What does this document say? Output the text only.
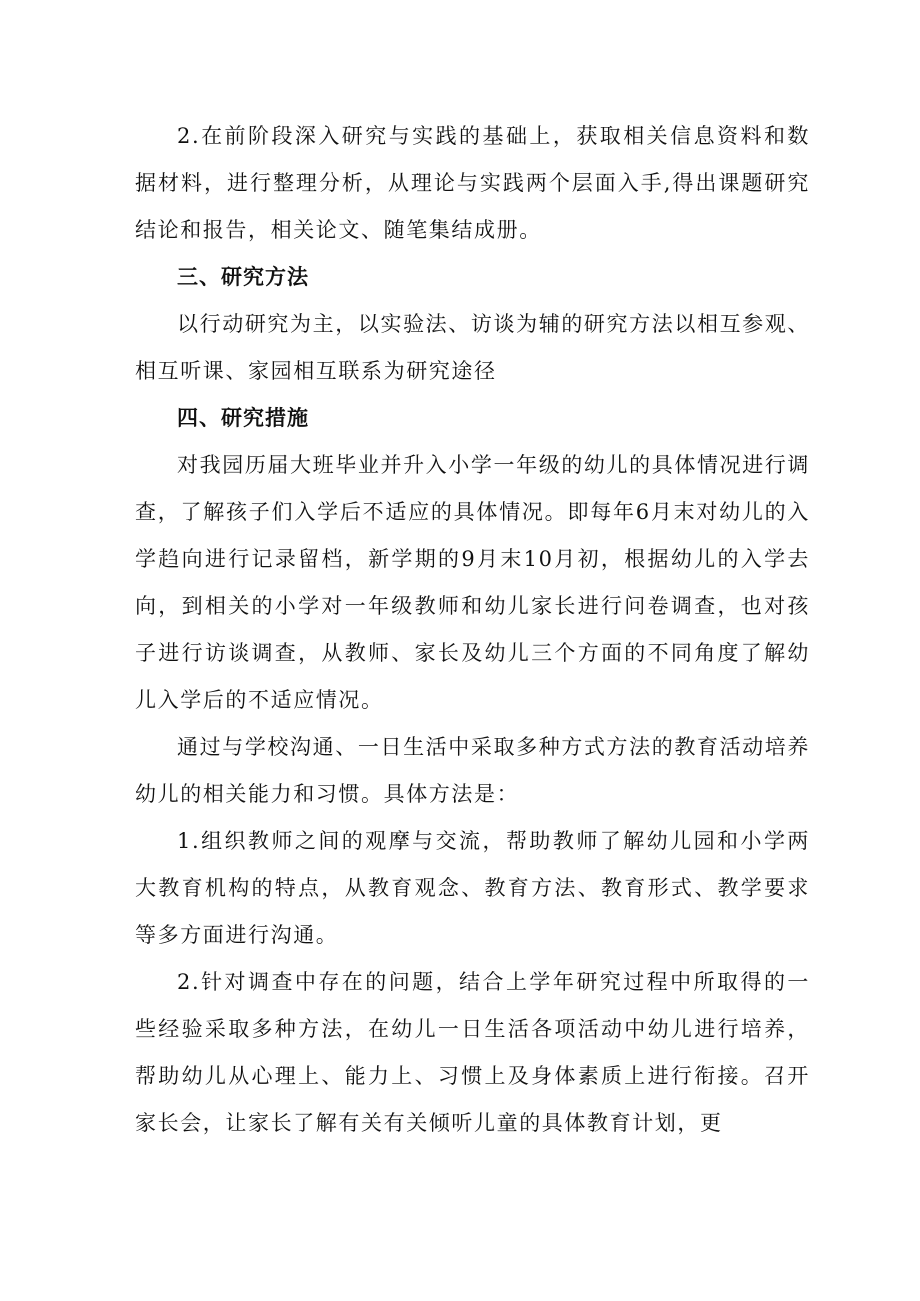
2.在前阶段深入研究与实践的基础上，获取相关信息资料和数据材料，进行整理分析，从理论与实践两个层面入手,得出课题研究结论和报告，相关论文、随笔集结成册。

三、研究方法

以行动研究为主，以实验法、访谈为辅的研究方法以相互参观、相互听课、家园相互联系为研究途径

四、研究措施

对我园历届大班毕业并升入小学一年级的幼儿的具体情况进行调查，了解孩子们入学后不适应的具体情况。即每年6月末对幼儿的入学趋向进行记录留档，新学期的9月末10月初，根据幼儿的入学去向，到相关的小学对一年级教师和幼儿家长进行问卷调查，也对孩子进行访谈调查，从教师、家长及幼儿三个方面的不同角度了解幼儿入学后的不适应情况。

通过与学校沟通、一日生活中采取多种方式方法的教育活动培养幼儿的相关能力和习惯。具体方法是：

1.组织教师之间的观摩与交流，帮助教师了解幼儿园和小学两大教育机构的特点，从教育观念、教育方法、教育形式、教学要求等多方面进行沟通。

2.针对调查中存在的问题，结合上学年研究过程中所取得的一些经验采取多种方法，在幼儿一日生活各项活动中幼儿进行培养，帮助幼儿从心理上、能力上、习惯上及身体素质上进行衔接。召开家长会，让家长了解有关有关倾听儿童的具体教育计划，更
